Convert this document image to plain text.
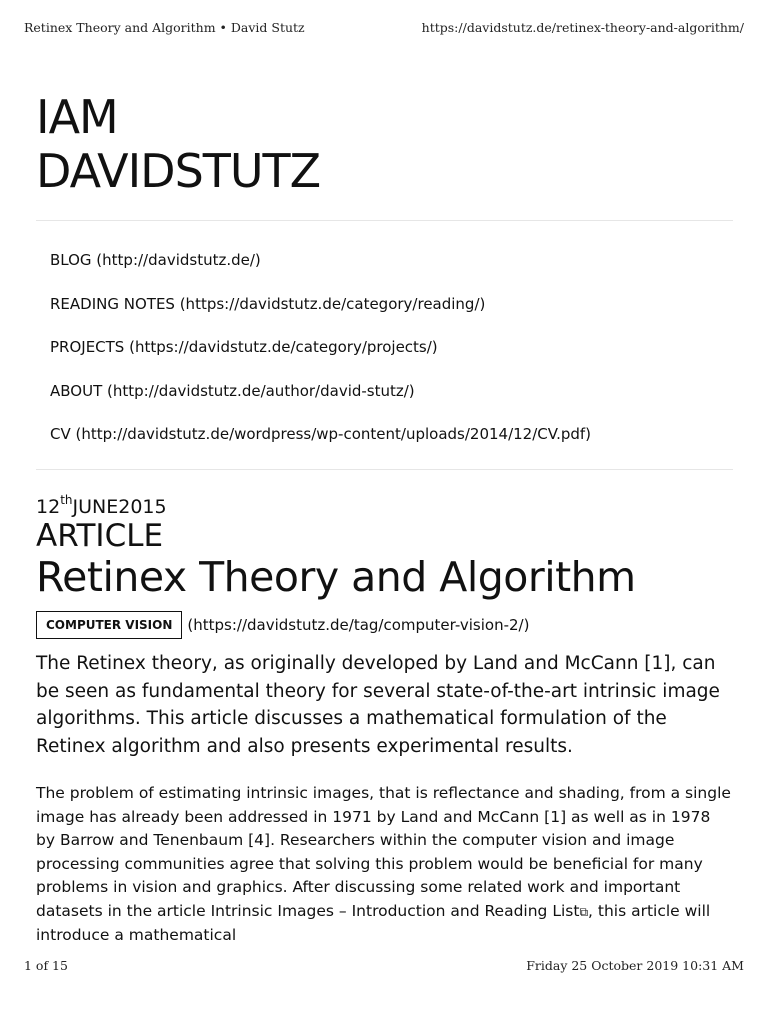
Retinex Theory and Algorithm • David Stutz	https://davidstutz.de/retinex-theory-and-algorithm/
IAM
DAVIDSTUTZ
BLOG (http://davidstutz.de/)
READING NOTES (https://davidstutz.de/category/reading/)
PROJECTS (https://davidstutz.de/category/projects/)
ABOUT (http://davidstutz.de/author/david-stutz/)
CV (http://davidstutz.de/wordpress/wp-content/uploads/2014/12/CV.pdf)
12thJUNE2015
ARTICLE
Retinex Theory and Algorithm
COMPUTER VISION	(https://davidstutz.de/tag/computer-vision-2/)

The Retinex theory, as originally developed by Land and McCann [1], can be seen as fundamental theory for several state-of-the-art intrinsic image algorithms. This article discusses a mathematical formulation of the Retinex algorithm and also presents experimental results.

The problem of estimating intrinsic images, that is reflectance and shading, from a single image has already been addressed in 1971 by Land and McCann [1] as well as in 1978 by Barrow and Tenenbaum [4]. Researchers within the computer vision and image processing communities agree that solving this problem would be beneficial for many problems in vision and graphics. After discussing some related work and important datasets in the article Intrinsic Images – Introduction and Reading List⧉, this article will introduce a mathematical

1 of 15	Friday 25 October 2019 10:31 AM
